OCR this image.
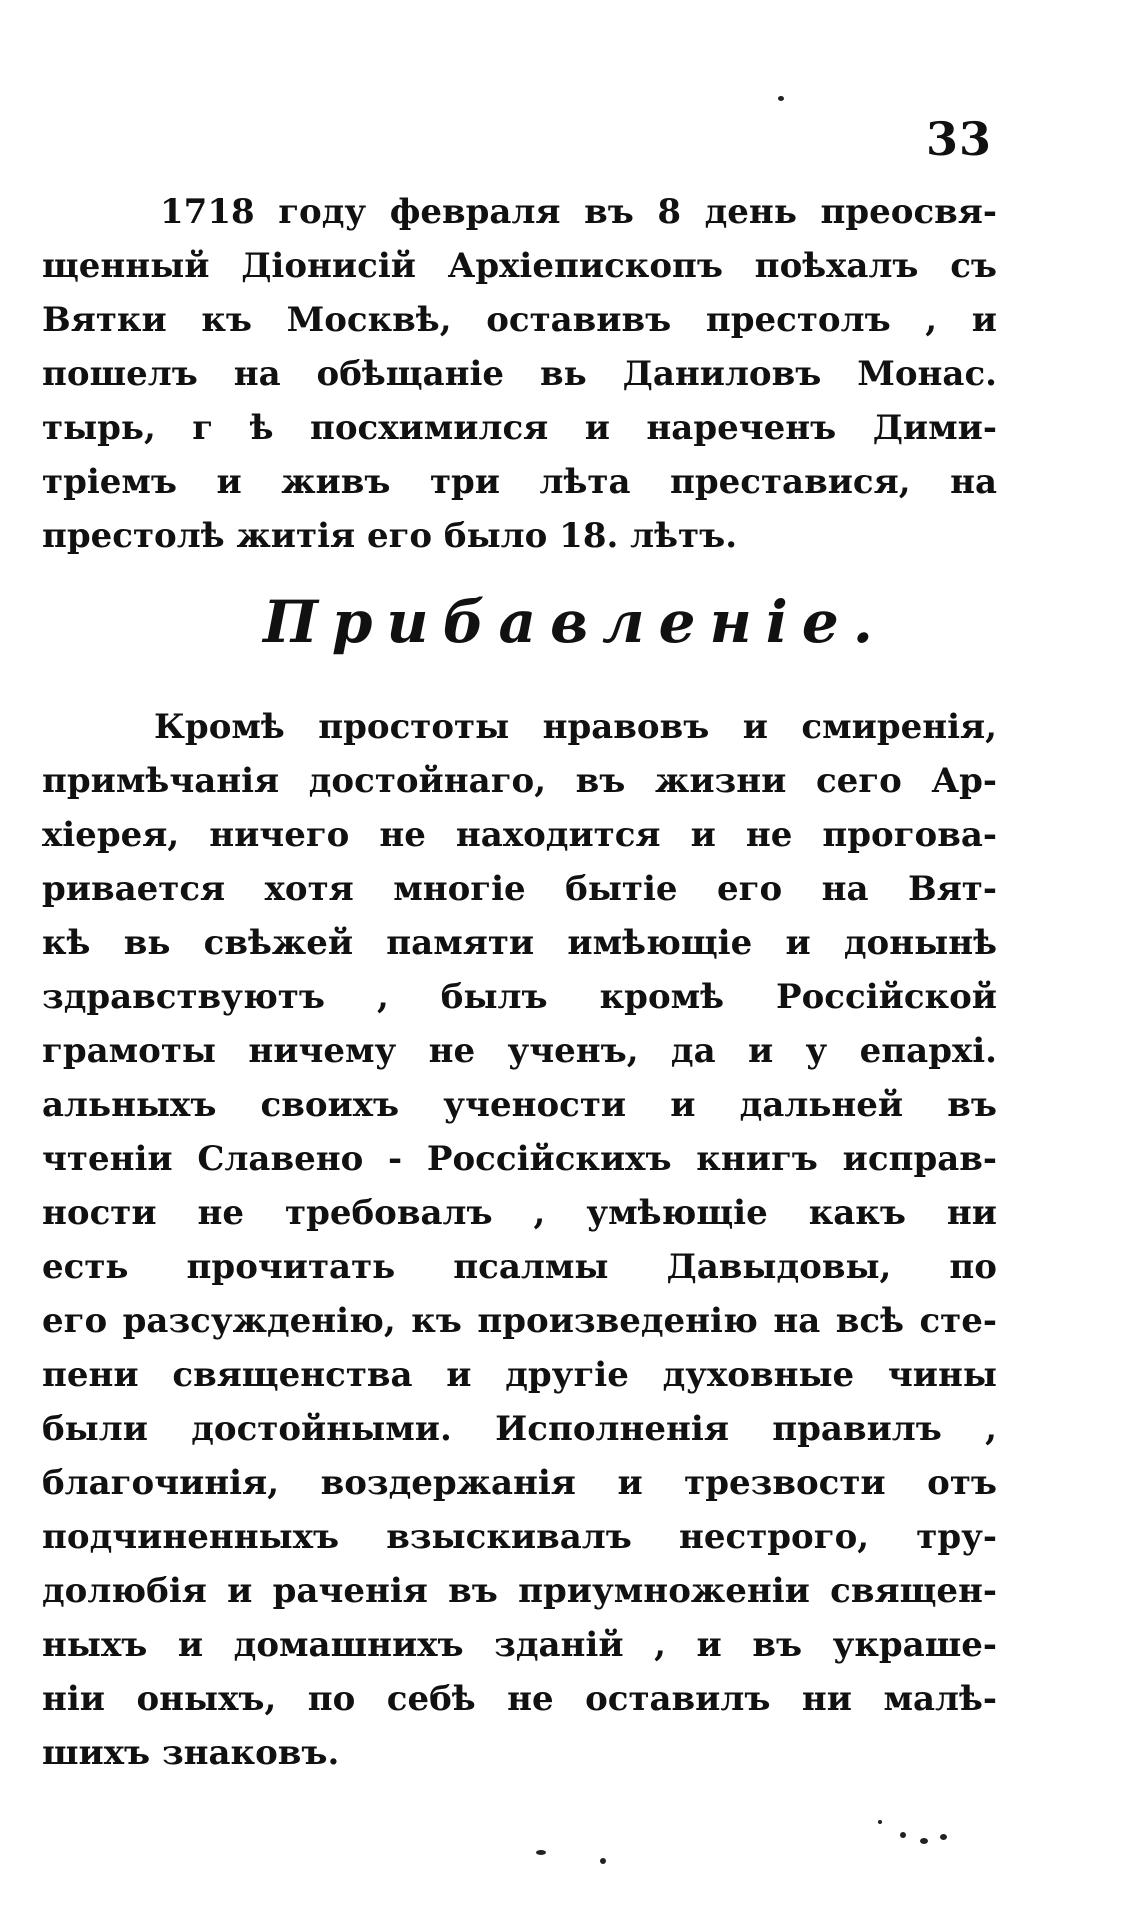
33
1718 году февраля въ 8 день преосвя-
щенный Діонисій Архіепископъ поѣхалъ съ
Вятки къ Москвѣ, оставивъ престолъ , и
пошелъ на обѣщаніе вь Даниловъ Монас.
тырь, г ѣ посхимился и нареченъ Дими-
тріемъ и живъ три лѣта преставися, на
престолѣ житія его было 18. лѣтъ.
Прибавленіе.
Кромѣ простоты нравовъ и смиренія,
примѣчанія достойнаго, въ жизни сего Ар-
хіерея, ничего не находится и не прогова-
ривается хотя многіе бытіе его на Вят-
кѣ вь свѣжей памяти имѣющіе и донынѣ
здравствуютъ , былъ кромѣ Россійской
грамоты ничему не ученъ, да и у епархі.
альныхъ своихъ учености и дальней въ
чтеніи Славено - Россійскихъ книгъ исправ-
ности не требовалъ , умѣющіе какъ ни
есть прочитать псалмы Давыдовы, по
его разсужденію, къ произведенію на всѣ сте-
пени священства и другіе духовные чины
были достойными. Исполненія правилъ ,
благочинія, воздержанія и трезвости отъ
подчиненныхъ взыскивалъ нестрого, тру-
долюбія и раченія въ приумноженіи священ-
ныхъ и домашнихъ зданій , и въ украше-
ніи оныхъ, по себѣ не оставилъ ни малѣ-
шихъ знаковъ.
